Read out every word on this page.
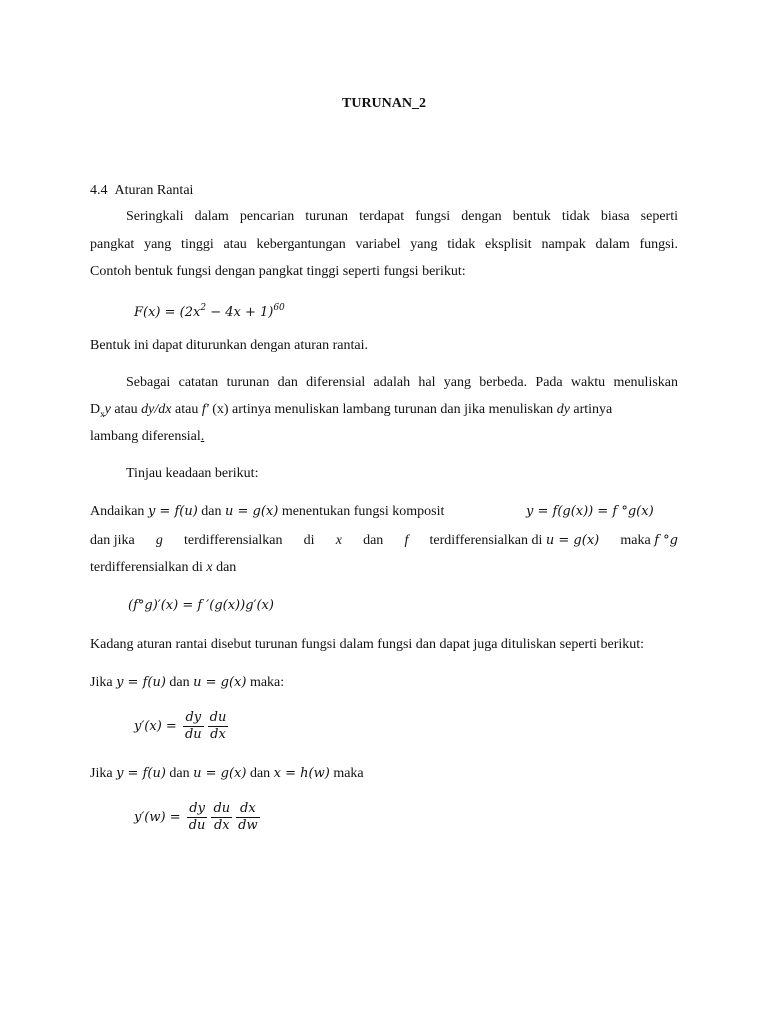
TURUNAN_2
4.4 Aturan Rantai
Seringkali dalam pencarian turunan terdapat fungsi dengan bentuk tidak biasa seperti
pangkat yang tinggi atau kebergantungan variabel yang tidak eksplisit nampak dalam fungsi.
Contoh bentuk fungsi dengan pangkat tinggi seperti fungsi berikut:
$F(x) = (2x^2 - 4x + 1)^{60}$
Bentuk ini dapat diturunkan dengan aturan rantai.
Sebagai catatan turunan dan diferensial adalah hal yang berbeda. Pada waktu menuliskan
$D_xy$ atau dy/dx atau f' (x) artinya menuliskan lambang turunan dan jika menuliskan dy artinya
lambang diferensial.
Tinjau keadaan berikut:
Andaikan y = f(u) dan u = g(x) menentukan fungsi komposit	y = f(g(x)) = f °g(x)
dan jika g terdifferensialkan di x dan f terdifferensialkan di u = g(x) maka f °g
terdifferensialkan di x dan
(f°g)′(x) = f ′(g(x))g′(x)
Kadang aturan rantai disebut turunan fungsi dalam fungsi dan dapat juga dituliskan seperti berikut:
Jika y = f(u) dan u = g(x) maka:
$y'(x) = \frac{dy}{du} \frac{du}{dx}$
Jika y = f(u) dan u = g(x) dan x = h(w) maka
$y'(w) = \frac{dy}{du} \frac{du}{dx} \frac{dx}{dw}$
